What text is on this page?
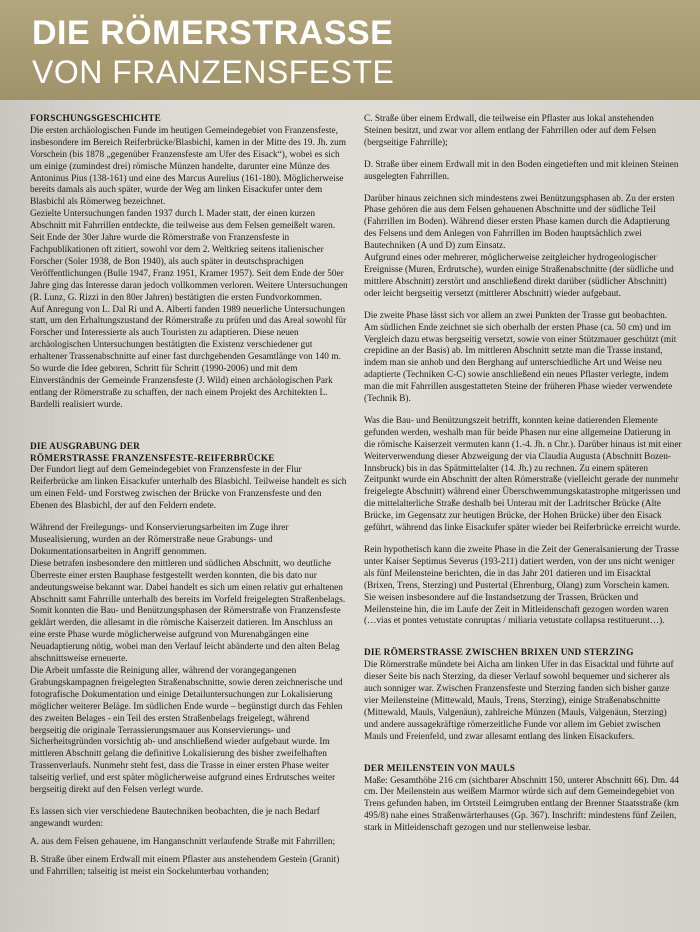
DIE RÖMERSTRASSE
VON FRANZENSFESTE

FORSCHUNGSGESCHICHTE

Die ersten archäologischen Funde im heutigen Gemeindegebiet von Franzensfeste, insbesondere im Bereich Reiferbrücke/Blasbichl, kamen in der Mitte des 19. Jh. zum Vorschein (bis 1878 „gegenüber Franzensfeste am Ufer des Eisack“), wobei es sich um einige (zumindest drei) römische Münzen handelte, darunter eine Münze des Antoninus Pius (138-161) und eine des Marcus Aurelius (161-180). Möglicherweise bereits damals als auch später, wurde der Weg am linken Eisackufer unter dem Blasbichl als Römerweg bezeichnet.

Gezielte Untersuchungen fanden 1937 durch I. Mader statt, der einen kurzen Abschnitt mit Fahrrillen entdeckte, die teilweise aus dem Felsen gemeißelt waren. Seit Ende der 30er Jahre wurde die Römerstraße von Franzensfeste in Fachpublikationen oft zitiert, sowohl vor dem 2. Weltkrieg seitens italienischer Forscher (Soler 1938, de Bon 1940), als auch später in deutschsprachigen Veröffentlichungen (Bulle 1947, Franz 1951, Kramer 1957). Seit dem Ende der 50er Jahre ging das Interesse daran jedoch vollkommen verloren. Weitere Untersuchungen (R. Lunz, G. Rizzi in den 80er Jahren) bestätigten die ersten Fundvorkommen.

Auf Anregung von L. Dal Ri und A. Alberti fanden 1989 neuerliche Untersuchungen statt, um den Erhaltungszustand der Römerstraße zu prüfen und das Areal sowohl für Forscher und Interessierte als auch Touristen zu adaptieren. Diese neuen archäologischen Untersuchungen bestätigten die Existenz verschiedener gut erhaltener Trassenabschnitte auf einer fast durchgehenden Gesamtlänge von 140 m. So wurde die Idee geboren, Schritt für Schritt (1990-2006) und mit dem Einverständnis der Gemeinde Franzensfeste (J. Wild) einen archäologischen Park entlang der Römerstraße zu schaffen, der nach einem Projekt des Architekten L. Bardelli realisiert wurde.

DIE AUSGRABUNG DER

RÖMERSTRASSE FRANZENSFESTE-REIFERBRÜCKE

Der Fundort liegt auf dem Gemeindegebiet von Franzensfeste in der Flur Reiferbrücke am linken Eisackufer unterhalb des Blasbichl. Teilweise handelt es sich um einen Feld- und Forstweg zwischen der Brücke von Franzensfeste und den Ebenen des Blasbichl, der auf den Feldern endete.

Während der Freilegungs- und Konservierungsarbeiten im Zuge ihrer Musealisierung, wurden an der Römerstraße neue Grabungs- und Dokumentationsarbeiten in Angriff genommen.

Diese betrafen insbesondere den mittleren und südlichen Abschnitt, wo deutliche Überreste einer ersten Bauphase festgestellt werden konnten, die bis dato nur andeutungsweise bekannt war. Dabei handelt es sich um einen relativ gut erhaltenen Abschnitt samt Fahrrille unterhalb des bereits im Vorfeld freigelegten Straßenbelags. Somit konnten die Bau- und Benützungsphasen der Römerstraße von Franzensfeste geklärt werden, die allesamt in die römische Kaiserzeit datieren. Im Anschluss an eine erste Phase wurde möglicherweise aufgrund von Murenabgängen eine Neuadaptierung nötig, wobei man den Verlauf leicht abänderte und den alten Belag abschnittsweise erneuerte.

Die Arbeit umfasste die Reinigung aller, während der vorangegangenen Grabungskampagnen freigelegten Straßenabschnitte, sowie deren zeichnerische und fotografische Dokumentation und einige Detailuntersuchungen zur Lokalisierung möglicher weiterer Beläge. Im südlichen Ende wurde – begünstigt durch das Fehlen des zweiten Belages - ein Teil des ersten Straßenbelags freigelegt, während bergseitig die originale Terrassierungsmauer aus Konservierungs- und Sicherheitsgründen vorsichtig ab- und anschließend wieder aufgebaut wurde. Im mittleren Abschnitt gelang die definitive Lokalisierung des bisher zweifelhaften Trassenverlaufs. Nunmehr steht fest, dass die Trasse in einer ersten Phase weiter talseitig verlief, und erst später möglicherweise aufgrund eines Erdrutsches weiter bergseitig direkt auf den Felsen verlegt wurde.

Es lassen sich vier verschiedene Bautechniken beobachten, die je nach Bedarf angewandt wurden:

A. aus dem Felsen gehauene, im Hanganschnitt verlaufende Straße mit Fahrrillen;

B. Straße über einem Erdwall mit einem Pflaster aus anstehendem Gestein (Granit) und Fahrrillen; talseitig ist meist ein Sockelunterbau vorhanden;

C. Straße über einem Erdwall, die teilweise ein Pflaster aus lokal anstehenden Steinen besitzt, und zwar vor allem entlang der Fahrrillen oder auf dem Felsen (bergseitige Fahrrille);

D. Straße über einem Erdwall mit in den Boden eingetieften und mit kleinen Steinen ausgelegten Fahrrillen.

Darüber hinaus zeichnen sich mindestens zwei Benützungsphasen ab. Zu der ersten Phase gehören die aus dem Felsen gehauenen Abschnitte und der südliche Teil (Fahrrillen im Boden). Während dieser ersten Phase kamen durch die Adaptierung des Felsens und dem Anlegen von Fahrrillen im Boden hauptsächlich zwei Bautechniken (A und D) zum Einsatz.

Aufgrund eines oder mehrerer, möglicherweise zeitgleicher hydrogeologischer Ereignisse (Muren, Erdrutsche), wurden einige Straßenabschnitte (der südliche und mittlere Abschnitt) zerstört und anschließend direkt darüber (südlicher Abschnitt) oder leicht bergseitig versetzt (mittlerer Abschnitt) wieder aufgebaut.

Die zweite Phase lässt sich vor allem an zwei Punkten der Trasse gut beobachten. Am südlichen Ende zeichnet sie sich oberhalb der ersten Phase (ca. 50 cm) und im Vergleich dazu etwas bergseitig versetzt, sowie von einer Stützmauer geschützt (mit crepidine an der Basis) ab. Im mittleren Abschnitt setzte man die Trasse instand, indem man sie anhob und den Berghang auf unterschiedliche Art und Weise neu adaptierte (Techniken C-C) sowie anschließend ein neues Pflaster verlegte, indem man die mit Fahrrillen ausgestatteten Steine der früheren Phase wieder verwendete (Technik B).

Was die Bau- und Benützungszeit betrifft, konnten keine datierenden Elemente gefunden werden, weshalb man für beide Phasen nur eine allgemeine Datierung in die römische Kaiserzeit vermuten kann (1.-4. Jh. n Chr.). Darüber hinaus ist mit einer Weiterverwendung dieser Abzweigung der via Claudia Augusta (Abschnitt Bozen-Innsbruck) bis in das Spätmittelalter (14. Jh.) zu rechnen. Zu einem späteren Zeitpunkt wurde ein Abschnitt der alten Römerstraße (vielleicht gerade der nunmehr freigelegte Abschnitt) während einer Überschwemmungskatastrophe mitgerissen und die mittelalterliche Straße deshalb bei Unterau mit der Ladritscher Brücke (Alte Brücke, im Gegensatz zur heutigen Brücke, der Hohen Brücke) über den Eisack geführt, während das linke Eisackufer später wieder bei Reiferbrücke erreicht wurde.

Rein hypothetisch kann die zweite Phase in die Zeit der Generalsanierung der Trasse unter Kaiser Septimus Severus (193-211) datiert werden, von der uns nicht weniger als fünf Meilensteine berichten, die in das Jahr 201 datieren und im Eisacktal (Brixen, Trens, Sterzing) und Pustertal (Ehrenburg, Olang) zum Vorschein kamen. Sie weisen insbesondere auf die Instandsetzung der Trassen, Brücken und Meilensteine hin, die im Laufe der Zeit in Mitleidenschaft gezogen worden waren (…vias et pontes vetustate conruptas / miliaria vetustate collapsa restituerunt…).

DIE RÖMERSTRASSE ZWISCHEN BRIXEN UND STERZING

Die Römerstraße mündete bei Aicha am linken Ufer in das Eisacktal und führte auf dieser Seite bis nach Sterzing, da dieser Verlauf sowohl bequemer und sicherer als auch sonniger war. Zwischen Franzensfeste und Sterzing fanden sich bisher ganze vier Meilensteine (Mittewald, Mauls, Trens, Sterzing), einige Straßenabschnitte (Mittewald, Mauls, Valgenäun), zahlreiche Münzen (Mauls, Valgenäun, Sterzing) und andere aussagekräftige römerzeitliche Funde vor allem im Gebiet zwischen Mauls und Freienfeld, und zwar allesamt entlang des linken Eisackufers.

DER MEILENSTEIN VON MAULS

Maße: Gesamthöhe 216 cm (sichtbarer Abschnitt 150, unterer Abschnitt 66). Dm. 44 cm. Der Meilenstein aus weißem Marmor würde sich auf dem Gemeindegebiet von Trens gefunden haben, im Ortsteil Leimgruben entlang der Brenner Staatsstraße (km 495/8) nahe eines Straßenwärterhauses (Gp. 367). Inschrift: mindestens fünf Zeilen, stark in Mitleidenschaft gezogen und nur stellenweise lesbar.
